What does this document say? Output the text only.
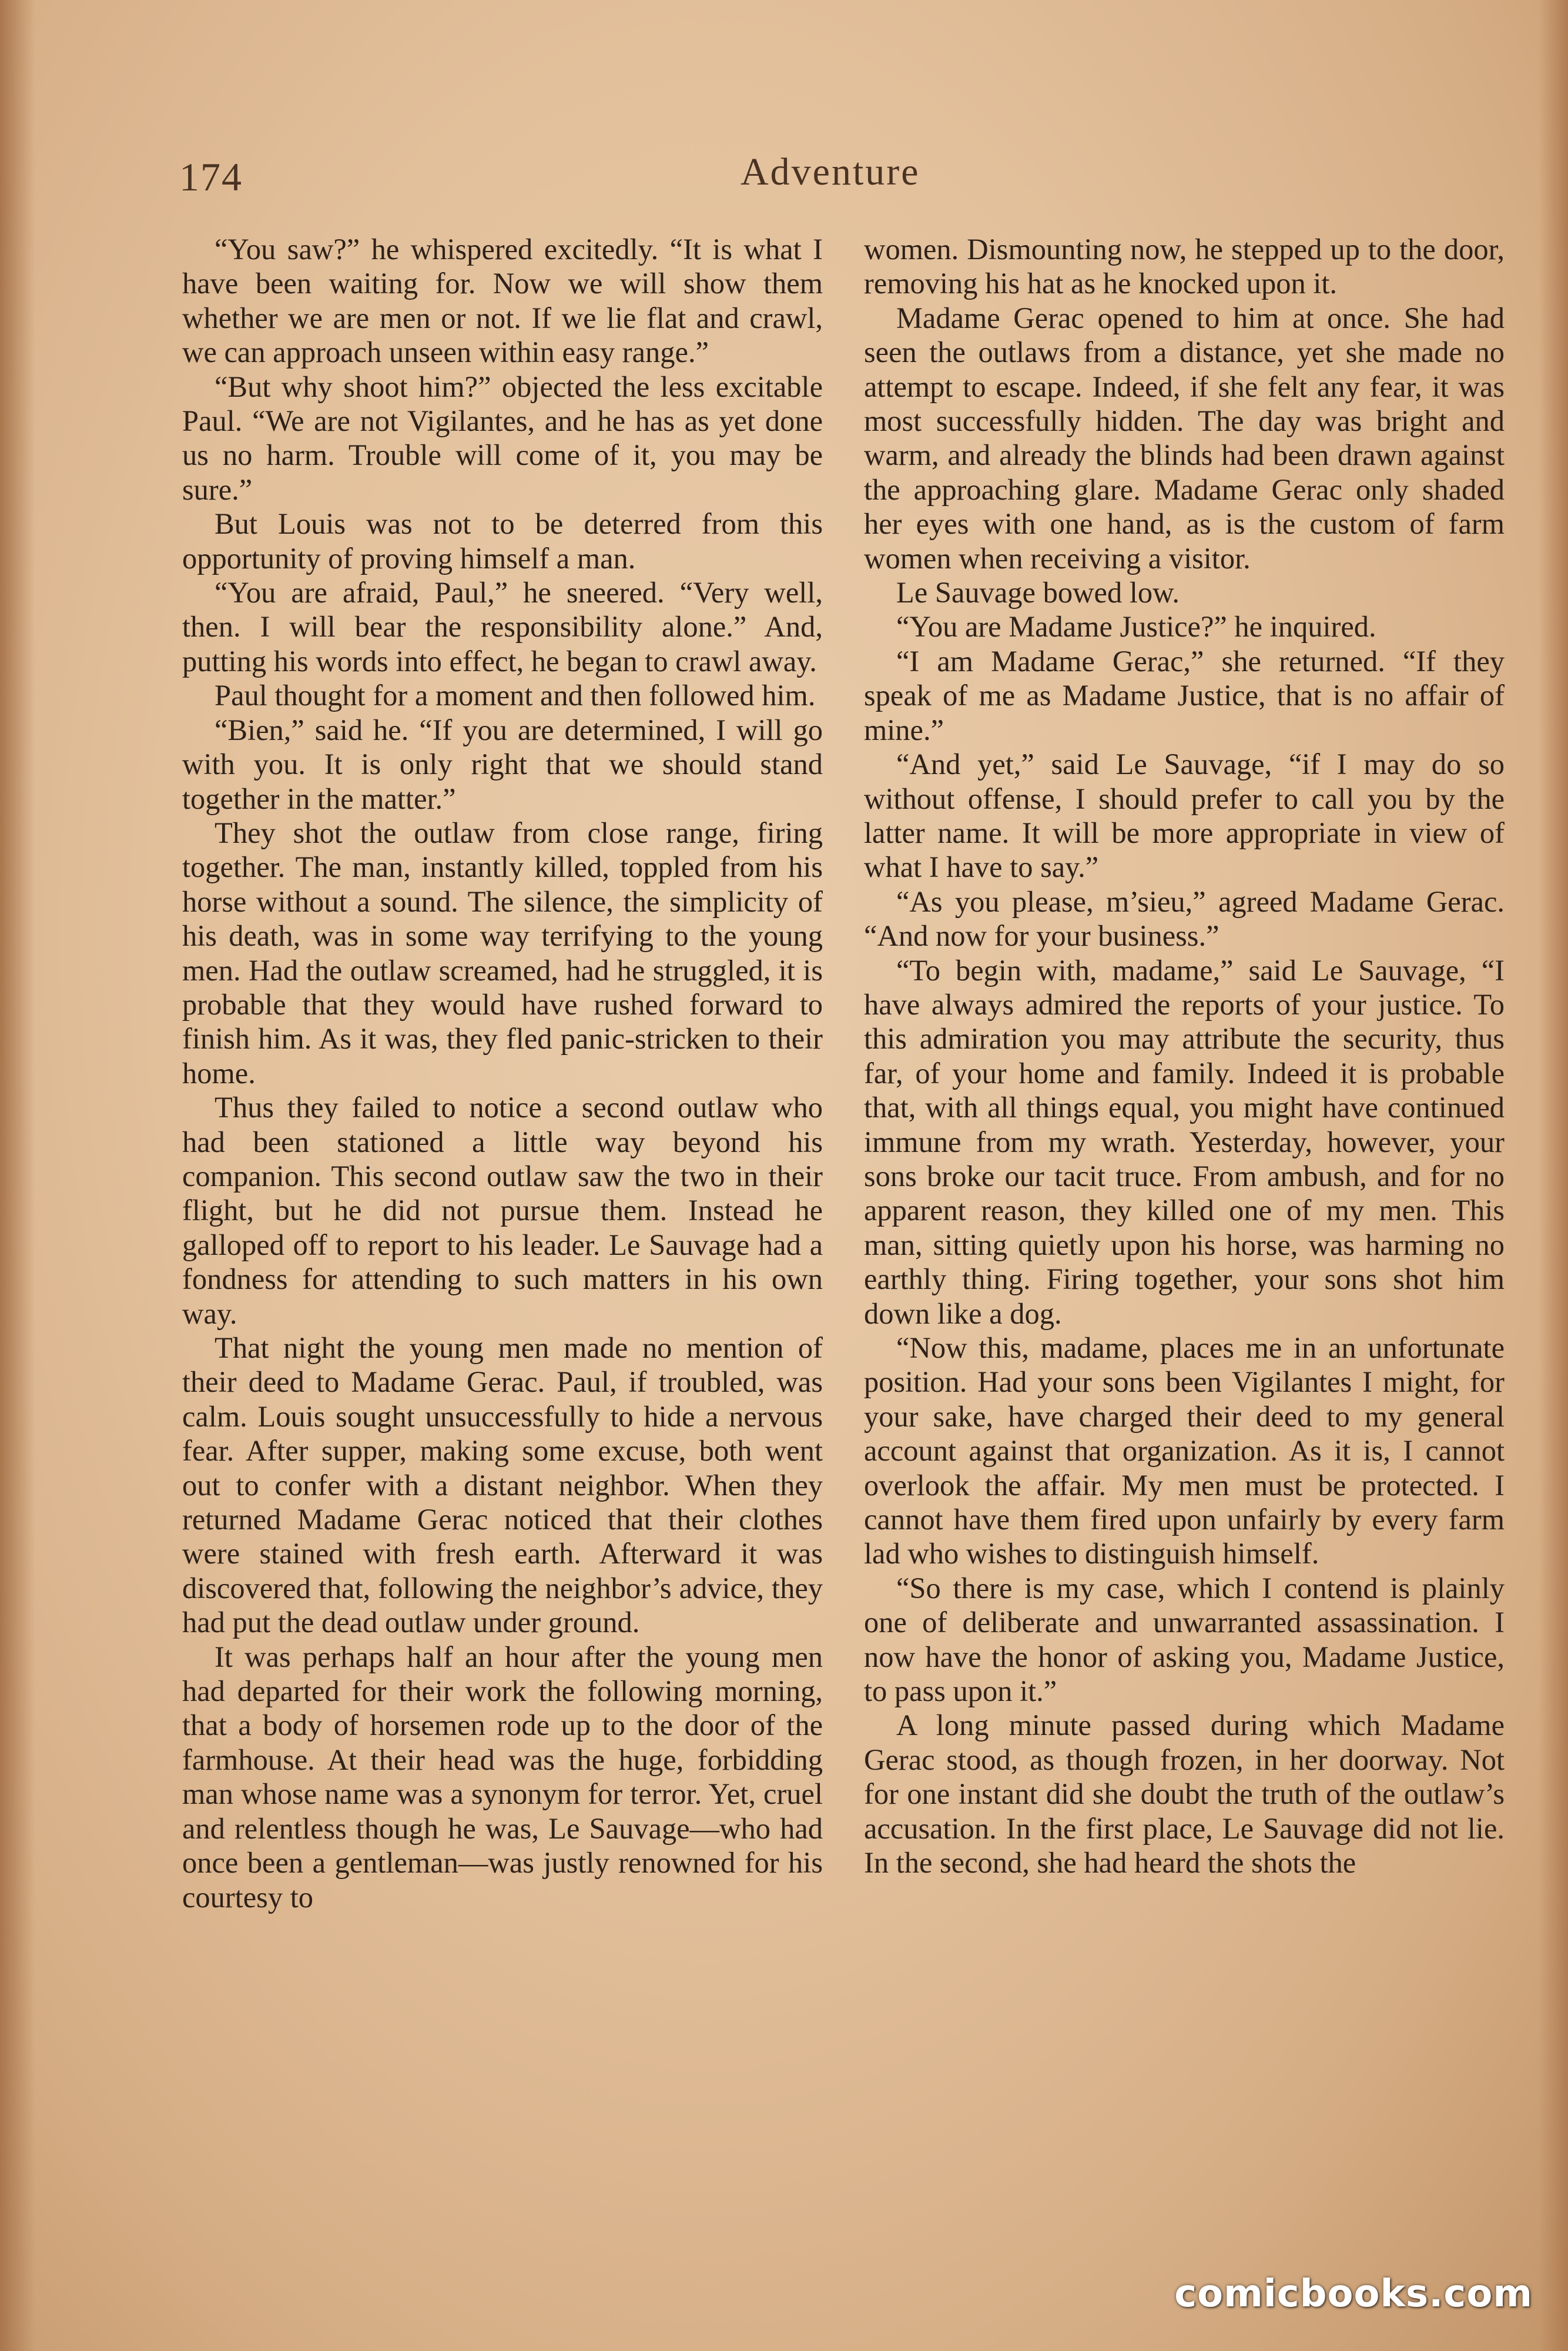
174	Adventure

“You saw?” he whispered excitedly. “It is what I have been waiting for. Now we will show them whether we are men or not. If we lie flat and crawl, we can approach unseen within easy range.”

“But why shoot him?” objected the less excitable Paul. “We are not Vigilantes, and he has as yet done us no harm. Trouble will come of it, you may be sure.”

But Louis was not to be deterred from this opportunity of proving himself a man.

“You are afraid, Paul,” he sneered. “Very well, then. I will bear the responsibility alone.” And, putting his words into effect, he began to crawl away.

Paul thought for a moment and then followed him.

“Bien,” said he. “If you are determined, I will go with you. It is only right that we should stand together in the matter.”

They shot the outlaw from close range, firing together. The man, instantly killed, toppled from his horse without a sound. The silence, the simplicity of his death, was in some way terrifying to the young men. Had the outlaw screamed, had he struggled, it is probable that they would have rushed forward to finish him. As it was, they fled panic-stricken to their home.

Thus they failed to notice a second outlaw who had been stationed a little way beyond his companion. This second outlaw saw the two in their flight, but he did not pursue them. Instead he galloped off to report to his leader. Le Sauvage had a fondness for attending to such matters in his own way.

That night the young men made no mention of their deed to Madame Gerac. Paul, if troubled, was calm. Louis sought unsuccessfully to hide a nervous fear. After supper, making some excuse, both went out to confer with a distant neighbor. When they returned Madame Gerac noticed that their clothes were stained with fresh earth. Afterward it was discovered that, following the neighbor’s advice, they had put the dead outlaw under ground.

It was perhaps half an hour after the young men had departed for their work the following morning, that a body of horsemen rode up to the door of the farmhouse. At their head was the huge, forbidding man whose name was a synonym for terror. Yet, cruel and relentless though he was, Le Sauvage—who had once been a gentleman—was justly renowned for his courtesy to

women. Dismounting now, he stepped up to the door, removing his hat as he knocked upon it.

Madame Gerac opened to him at once. She had seen the outlaws from a distance, yet she made no attempt to escape. Indeed, if she felt any fear, it was most successfully hidden. The day was bright and warm, and already the blinds had been drawn against the approaching glare. Madame Gerac only shaded her eyes with one hand, as is the custom of farm women when receiving a visitor.

Le Sauvage bowed low.

“You are Madame Justice?” he inquired.

“I am Madame Gerac,” she returned. “If they speak of me as Madame Justice, that is no affair of mine.”

“And yet,” said Le Sauvage, “if I may do so without offense, I should prefer to call you by the latter name. It will be more appropriate in view of what I have to say.”

“As you please, m’sieu,” agreed Madame Gerac. “And now for your business.”

“To begin with, madame,” said Le Sauvage, “I have always admired the reports of your justice. To this admiration you may attribute the security, thus far, of your home and family. Indeed it is probable that, with all things equal, you might have continued immune from my wrath. Yesterday, however, your sons broke our tacit truce. From ambush, and for no apparent reason, they killed one of my men. This man, sitting quietly upon his horse, was harming no earthly thing. Firing together, your sons shot him down like a dog.

“Now this, madame, places me in an unfortunate position. Had your sons been Vigilantes I might, for your sake, have charged their deed to my general account against that organization. As it is, I cannot overlook the affair. My men must be protected. I cannot have them fired upon unfairly by every farm lad who wishes to distinguish himself.

“So there is my case, which I contend is plainly one of deliberate and unwarranted assassination. I now have the honor of asking you, Madame Justice, to pass upon it.”

A long minute passed during which Madame Gerac stood, as though frozen, in her doorway. Not for one instant did she doubt the truth of the outlaw’s accusation. In the first place, Le Sauvage did not lie. In the second, she had heard the shots the

comicbooks.com
